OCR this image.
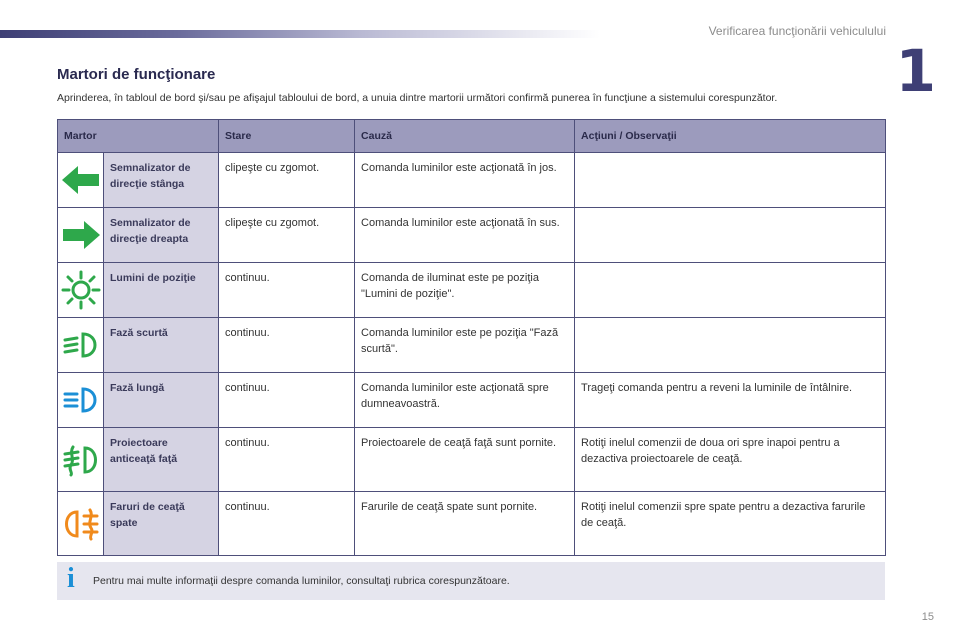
Verificarea funcţionării vehiculului
1
Martori de funcţionare

Aprinderea, în tabloul de bord şi/sau pe afişajul tabloului de bord, a unuia dintre martorii următori confirmă punerea în funcţiune a sistemului corespunzător.

Martor		Stare	Cauză	Acţiuni / Observaţii

	Semnalizator de direcţie stânga	clipeşte cu zgomot.	Comanda luminilor este acţionată în jos.	

	Semnalizator de direcţie dreapta	clipeşte cu zgomot.	Comanda luminilor este acţionată în sus.	

	Lumini de poziţie	continuu.	Comanda de iluminat este pe poziţia "Lumini de poziţie".	

	Fază scurtă	continuu.	Comanda luminilor este pe poziţia "Fază scurtă".	

	Fază lungă	continuu.	Comanda luminilor este acţionată spre dumneavoastră.	Trageţi comanda pentru a reveni la luminile de întâlnire.

	Proiectoare anticeaţă faţă	continuu.	Proiectoarele de ceaţă faţă sunt pornite.	Rotiţi inelul comenzii de doua ori spre inapoi pentru a dezactiva proiectoarele de ceaţă.

	Faruri de ceaţă spate	continuu.	Farurile de ceaţă spate sunt pornite.	Rotiţi inelul comenzii spre spate pentru a dezactiva farurile de ceaţă.
i Pentru mai multe informaţii despre comanda luminilor, consultaţi rubrica corespunzătoare.
15
